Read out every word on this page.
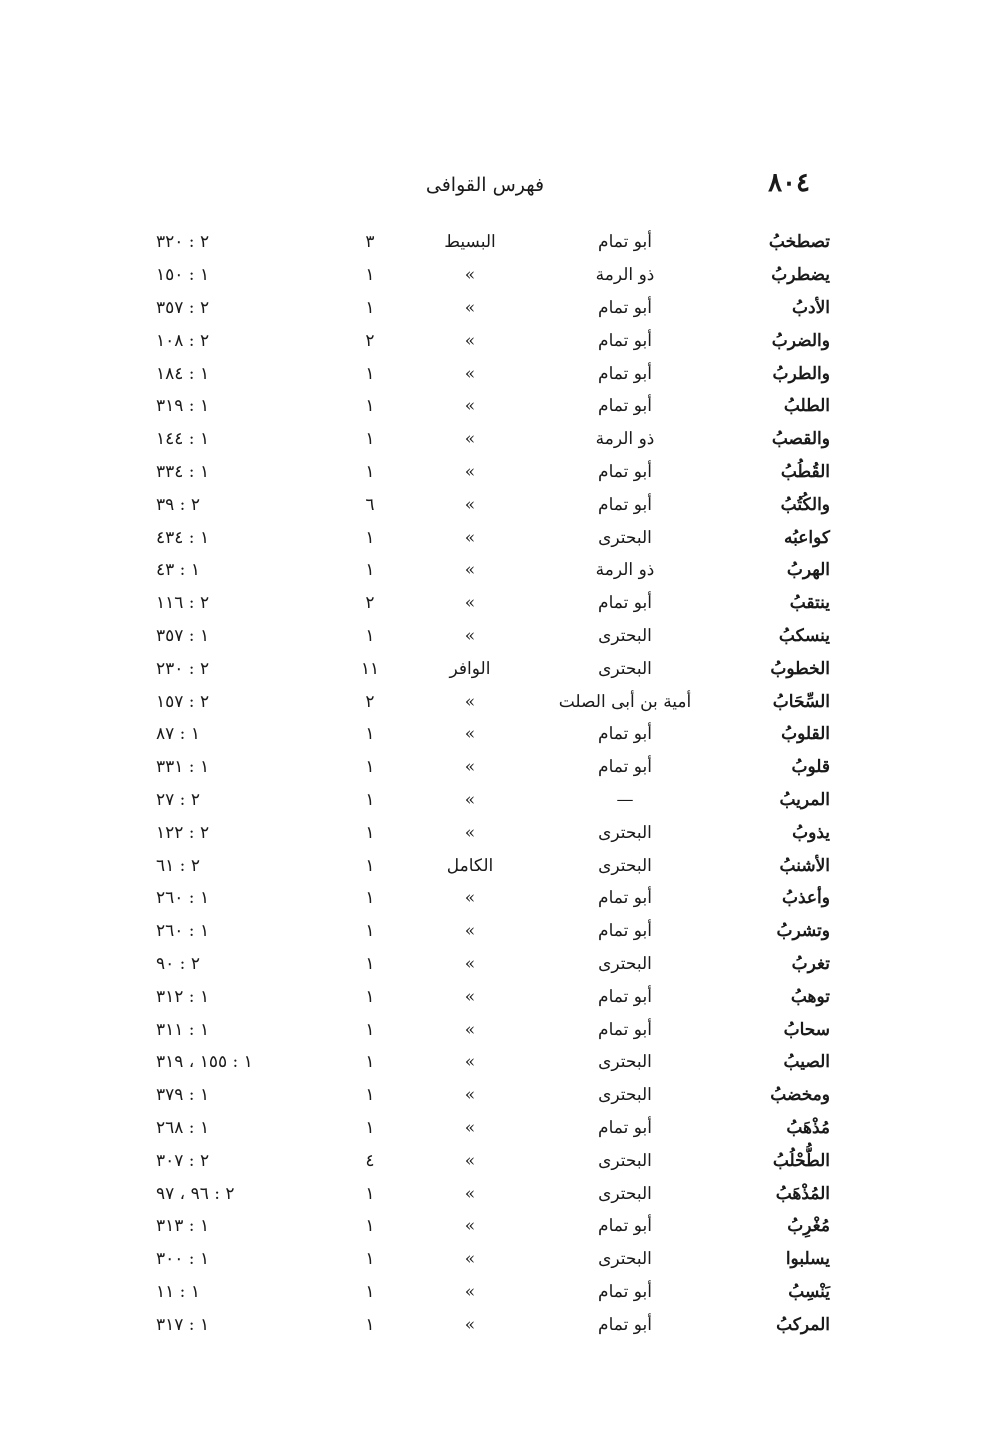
٨٠٤
فهرس القوافى
تصطخبُ	أبو تمام	البسيط	٣	٢ : ٣٢٠
يضطربُ	ذو الرمة	»	١	١ : ١٥٠
الأدبُ	أبو تمام	»	١	٢ : ٣٥٧
والضربُ	أبو تمام	»	٢	٢ : ١٠٨
والطربُ	أبو تمام	»	١	١ : ١٨٤
الطلبُ	أبو تمام	»	١	١ : ٣١٩
والقصبُ	ذو الرمة	»	١	١ : ١٤٤
القُطُبُ	أبو تمام	»	١	١ : ٣٣٤
والكُتُبُ	أبو تمام	»	٦	٢ : ٣٩
كواعبُه	البحترى	»	١	١ : ٤٣٤
الهربُ	ذو الرمة	»	١	١ : ٤٣
ينتقبُ	أبو تمام	»	٢	٢ : ١١٦
ينسكبُ	البحترى	»	١	١ : ٣٥٧
الخطوبُ	البحترى	الوافر	١١	٢ : ٢٣٠
السِّحَابُ	أمية بن أبى الصلت	»	٢	٢ : ١٥٧
القلوبُ	أبو تمام	»	١	١ : ٨٧
قلوبُ	أبو تمام	»	١	١ : ٣٣١
المريبُ	—	»	١	٢ : ٢٧
يذوبُ	البحترى	»	١	٢ : ١٢٢
الأشنبُ	البحترى	الكامل	١	٢ : ٦١
وأعذبُ	أبو تمام	»	١	١ : ٢٦٠
وتشربُ	أبو تمام	»	١	١ : ٢٦٠
تغربُ	البحترى	»	١	٢ : ٩٠
توهبُ	أبو تمام	»	١	١ : ٣١٢
سحابُ	أبو تمام	»	١	١ : ٣١١
الصيبُ	البحترى	»	١	١ : ١٥٥ ، ٣١٩
ومخضبُ	البحترى	»	١	١ : ٣٧٩
مُذْهَبُ	أبو تمام	»	١	١ : ٢٦٨
الطُّحْلُبُ	البحترى	»	٤	٢ : ٣٠٧
المُذْهَبُ	البحترى	»	١	٢ : ٩٦ ، ٩٧
مُغْرِبُ	أبو تمام	»	١	١ : ٣١٣
يسلبوا	البحترى	»	١	١ : ٣٠٠
يَنْسِبُ	أبو تمام	»	١	١ : ١١
المركبُ	أبو تمام	»	١	١ : ٣١٧
